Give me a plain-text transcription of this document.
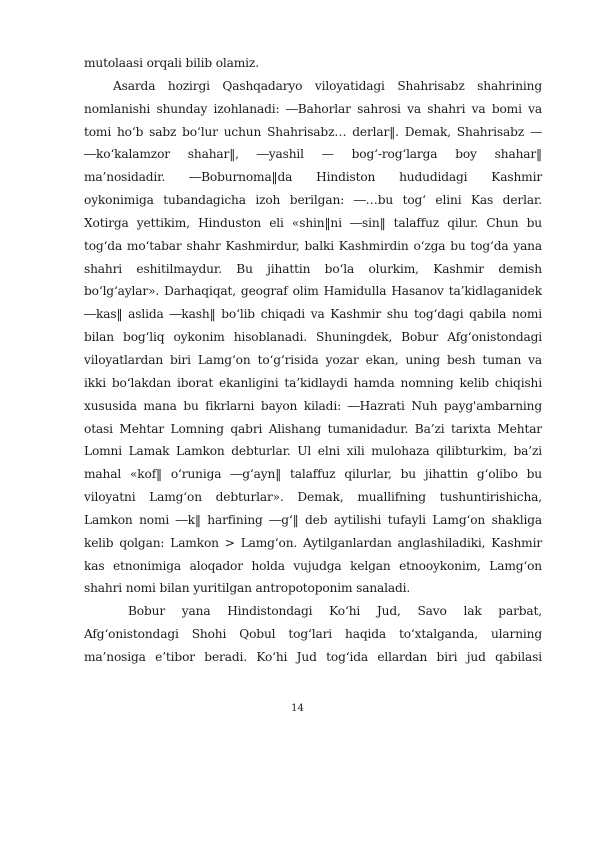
mutolaasi orqali bilib olamiz.
Asarda hozirgi Qashqadaryo viloyatidagi Shahrisabz shahrining
nomlanishi shunday izohlanadi: ―Bahorlar sahrosi va shahri va bomi va
tomi ho‘b sabz bo‘lur uchun Shahrisabz… derlar‖. Demak, Shahrisabz —
―ko‘kalamzor shahar‖, ―yashil — bog‘-rog‘larga boy shahar‖
ma’nosidadir. ―Boburnoma‖da Hindiston hududidagi Kashmir
oykonimiga tubandagicha izoh berilgan: ―…bu tog‘ elini Kas derlar.
Xotirga yettikim, Hinduston eli «shin‖ni ―sin‖ talaffuz qilur. Chun bu
tog‘da mo‘tabar shahr Kashmirdur, balki Kashmirdin o‘zga bu tog‘da yana
shahri eshitilmaydur. Bu jihattin bo‘la olurkim, Kashmir demish
bo‘lg‘aylar». Darhaqiqat, geograf olim Hamidulla Hasanov ta’kidlaganidek
―kas‖ aslida ―kash‖ bo‘lib chiqadi va Kashmir shu tog‘dagi qabila nomi
bilan bog‘liq oykonim hisoblanadi. Shuningdek, Bobur Afg‘onistondagi
viloyatlardan biri Lamg‘on to‘g‘risida yozar ekan, uning besh tuman va
ikki bo‘lakdan iborat ekanligini ta’kidlaydi hamda nomning kelib chiqishi
xususida mana bu fikrlarni bayon kiladi: ―Hazrati Nuh payg'ambarning
otasi Mehtar Lomning qabri Alishang tumanidadur. Ba’zi tarixta Mehtar
Lomni Lamak Lamkon debturlar. Ul elni xili mulohaza qilibturkim, ba’zi
mahal «kof‖ o‘runiga ―g‘ayn‖ talaffuz qilurlar, bu jihattin g‘olibo bu
viloyatni Lamg‘on debturlar». Demak, muallifning tushuntirishicha,
Lamkon nomi ―k‖ harfining ―g‘‖ deb aytilishi tufayli Lamg‘on shakliga
kelib qolgan: Lamkon > Lamg‘on. Aytilganlardan anglashiladiki, Kashmir
kas etnonimiga aloqador holda vujudga kelgan etnooykonim, Lamg‘on
shahri nomi bilan yuritilgan antropotoponim sanaladi.
Bobur yana Hindistondagi Ko‘hi Jud, Savo lak parbat,
Afg‘onistondagi Shohi Qobul tog‘lari haqida to‘xtalganda, ularning
ma’nosiga e’tibor beradi. Ko‘hi Jud tog‘ida ellardan biri jud qabilasi
14
